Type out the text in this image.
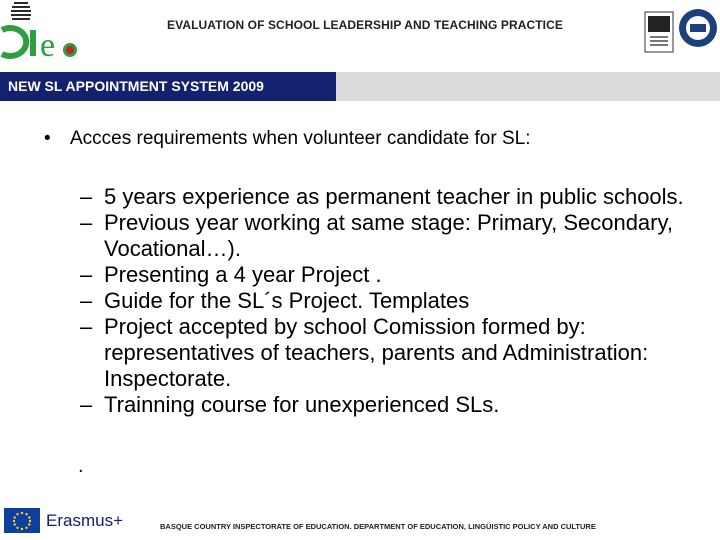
e
EVALUATION OF SCHOOL LEADERSHIP AND TEACHING PRACTICE
NEW SL APPOINTMENT SYSTEM 2009
•	Accces requirements when volunteer candidate for SL:
– 5 years experience as permanent teacher in public schools.
– Previous year working at same stage: Primary, Secondary, Vocational…).
– Presenting a 4 year Project .
– Guide for the SL´s Project. Templates
– Project accepted by school Comission formed by: representatives of teachers, parents and Administration: Inspectorate.
– Trainning course for unexperienced SLs.
.
Erasmus+	BASQUE COUNTRY INSPECTORATE OF EDUCATION. DEPARTMENT OF EDUCATION, LINGÜISTIC POLICY AND CULTURE
